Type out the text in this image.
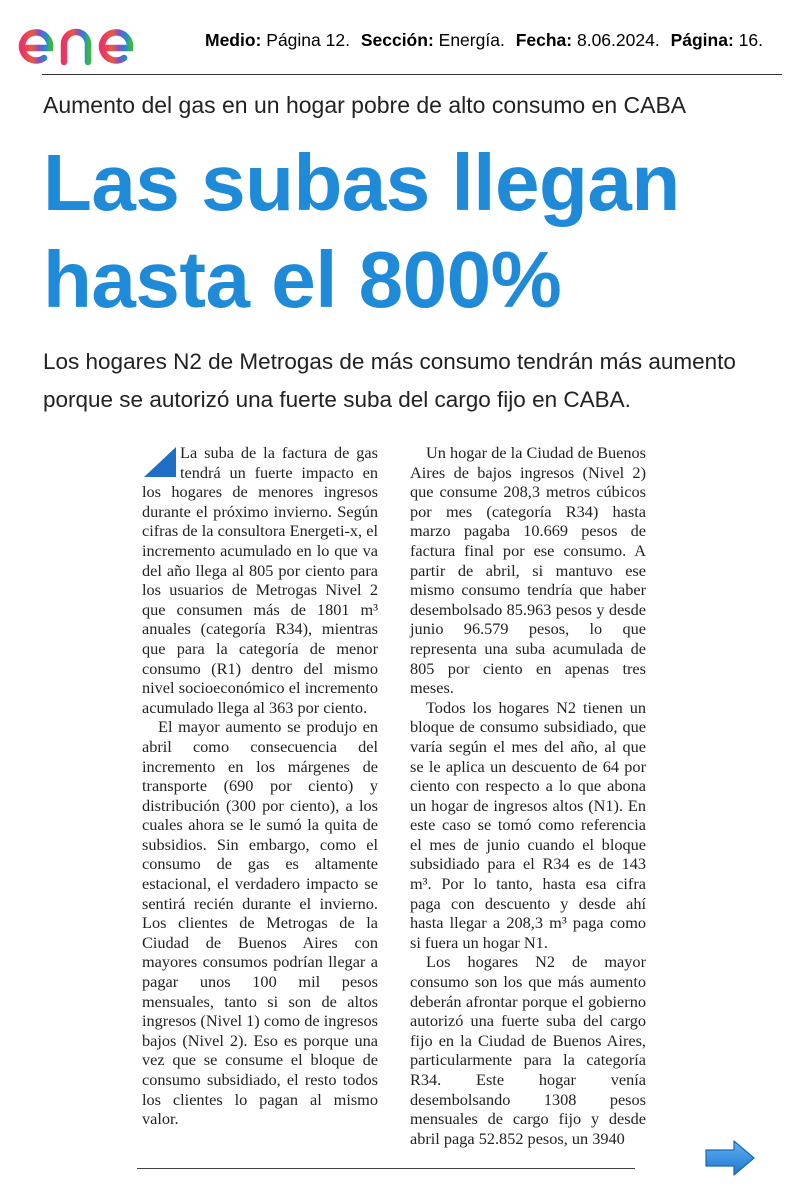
Medio: Página 12. Sección: Energía. Fecha: 8.06.2024. Página: 16.
Aumento del gas en un hogar pobre de alto consumo en CABA
Las subas llegan hasta el 800%
Los hogares N2 de Metrogas de más consumo tendrán más aumento porque se autorizó una fuerte suba del cargo fijo en CABA.

La suba de la factura de gas tendrá un fuerte impacto en los hogares de menores ingresos durante el próximo invierno. Según cifras de la consultora Energeti-x, el incremento acumulado en lo que va del año llega al 805 por ciento para los usuarios de Metrogas Nivel 2 que consumen más de 1801 m³ anuales (categoría R34), mientras que para la categoría de menor consumo (R1) dentro del mismo nivel socioeconómico el incremento acumulado llega al 363 por ciento.

El mayor aumento se produjo en abril como consecuencia del incremento en los márgenes de transporte (690 por ciento) y distribución (300 por ciento), a los cuales ahora se le sumó la quita de subsidios. Sin embargo, como el consumo de gas es altamente estacional, el verdadero impacto se sentirá recién durante el invierno. Los clientes de Metrogas de la Ciudad de Buenos Aires con mayores consumos podrían llegar a pagar unos 100 mil pesos mensuales, tanto si son de altos ingresos (Nivel 1) como de ingresos bajos (Nivel 2). Eso es porque una vez que se consume el bloque de consumo subsidiado, el resto todos los clientes lo pagan al mismo valor.

Un hogar de la Ciudad de Buenos Aires de bajos ingresos (Nivel 2) que consume 208,3 metros cúbicos por mes (categoría R34) hasta marzo pagaba 10.669 pesos de factura final por ese consumo. A partir de abril, si mantuvo ese mismo consumo tendría que haber desembolsado 85.963 pesos y desde junio 96.579 pesos, lo que representa una suba acumulada de 805 por ciento en apenas tres meses.

Todos los hogares N2 tienen un bloque de consumo subsidiado, que varía según el mes del año, al que se le aplica un descuento de 64 por ciento con respecto a lo que abona un hogar de ingresos altos (N1). En este caso se tomó como referencia el mes de junio cuando el bloque subsidiado para el R34 es de 143 m³. Por lo tanto, hasta esa cifra paga con descuento y desde ahí hasta llegar a 208,3 m³ paga como si fuera un hogar N1.

Los hogares N2 de mayor consumo son los que más aumento deberán afrontar porque el gobierno autorizó una fuerte suba del cargo fijo en la Ciudad de Buenos Aires, particularmente para la categoría R34. Este hogar venía desembolsando 1308 pesos mensuales de cargo fijo y desde abril paga 52.852 pesos, un 3940
